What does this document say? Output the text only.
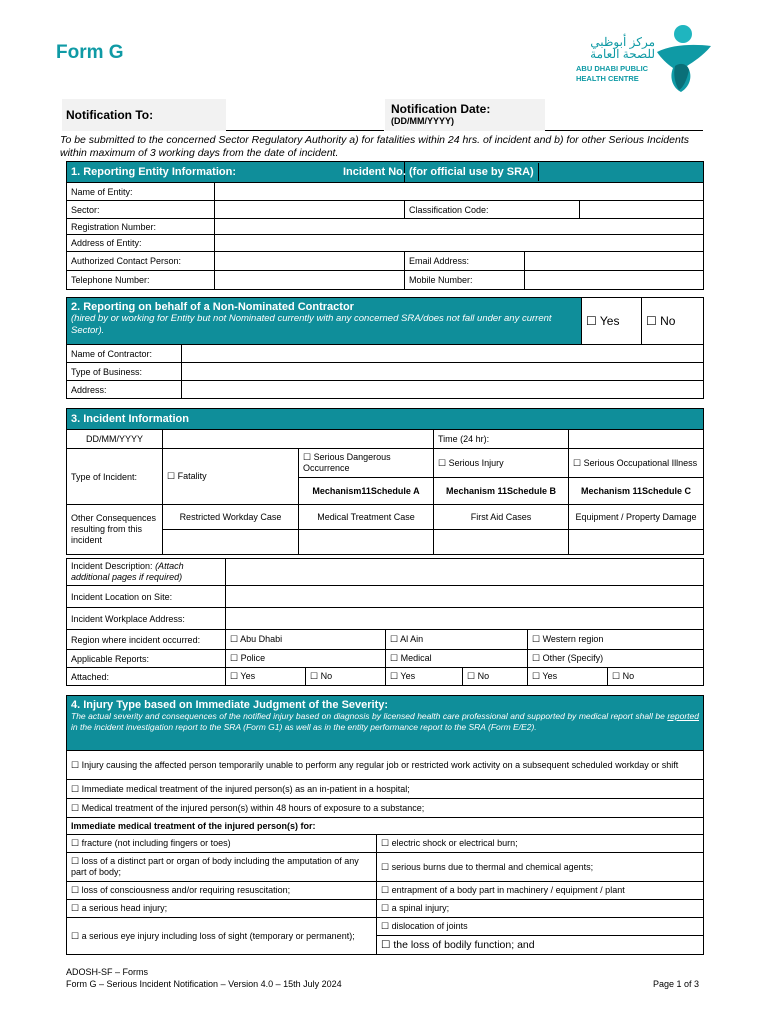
Form G	مركز أبوظبي للصحة العامة
ABU DHABI PUBLIC
HEALTH CENTRE
Notification To:	Notification Date:
(DD/MM/YYYY)
To be submitted to the concerned Sector Regulatory Authority a) for fatalities within 24 hrs. of incident and b) for other Serious Incidents within maximum of 3 working days from the date of incident.
1. Reporting Entity Information:		Incident No. (for official use by SRA)		
Name of Entity:				
Sector:		Classification Code:		
Registration Number:				
Address of Entity:				
Authorized Contact Person:		Email Address:		
Telephone Number:		Mobile Number:		
2. Reporting on behalf of a Non-Nominated Contractor
(hired by or working for Entity but not Nominated currently with any concerned SRA/does not fall under any current Sector).		☐ Yes	☐ No
Name of Contractor:			
Type of Business:			
Address:			
3. Incident Information				
DD/MM/YYYY			Time (24 hr):	
Type of Incident:	☐ Fatality	☐ Serious Dangerous Occurrence	☐ Serious Injury	☐ Serious Occupational Illness
		Mechanism11Schedule A	Mechanism 11Schedule B	Mechanism 11Schedule C
Other Consequences resulting from this incident	Restricted Workday Case	Medical Treatment Case	First Aid Cases	Equipment / Property Damage

Incident Description: (Attach additional pages if required)						
Incident Location on Site:						
Incident Workplace Address:						
Region where incident occurred:	☐ Abu Dhabi		☐ Al Ain		☐ Western region	
Applicable Reports:	☐ Police		☐ Medical		☐ Other (Specify)	
Attached:	☐ Yes	☐ No	☐ Yes	☐ No	☐ Yes	☐ No
4. Injury Type based on Immediate Judgment of the Severity:
The actual severity and consequences of the notified injury based on diagnosis by licensed health care professional and supported by medical report shall be reported in the incident investigation report to the SRA (Form G1) as well as in the entity performance report to the SRA (Form E/E2).	

☐ Injury causing the affected person temporarily unable to perform any regular job or restricted work activity on a subsequent scheduled workday or shift	
☐ Immediate medical treatment of the injured person(s) as an in-patient in a hospital;	
☐ Medical treatment of the injured person(s) within 48 hours of exposure to a substance;	
Immediate medical treatment of the injured person(s) for:	
☐ fracture (not including fingers or toes)	☐ electric shock or electrical burn;
☐ loss of a distinct part or organ of body including the amputation of any part of body;	☐ serious burns due to thermal and chemical agents;
☐ loss of consciousness and/or requiring resuscitation;	☐ entrapment of a body part in machinery / equipment / plant
☐ a serious head injury;	☐ a spinal injury;
☐ a serious eye injury including loss of sight (temporary or permanent);	☐ dislocation of joints
	☐ the loss of bodily function; and
ADOSH-SF – Forms
Form G – Serious Incident Notification – Version 4.0 – 15th July 2024	Page 1 of 3
